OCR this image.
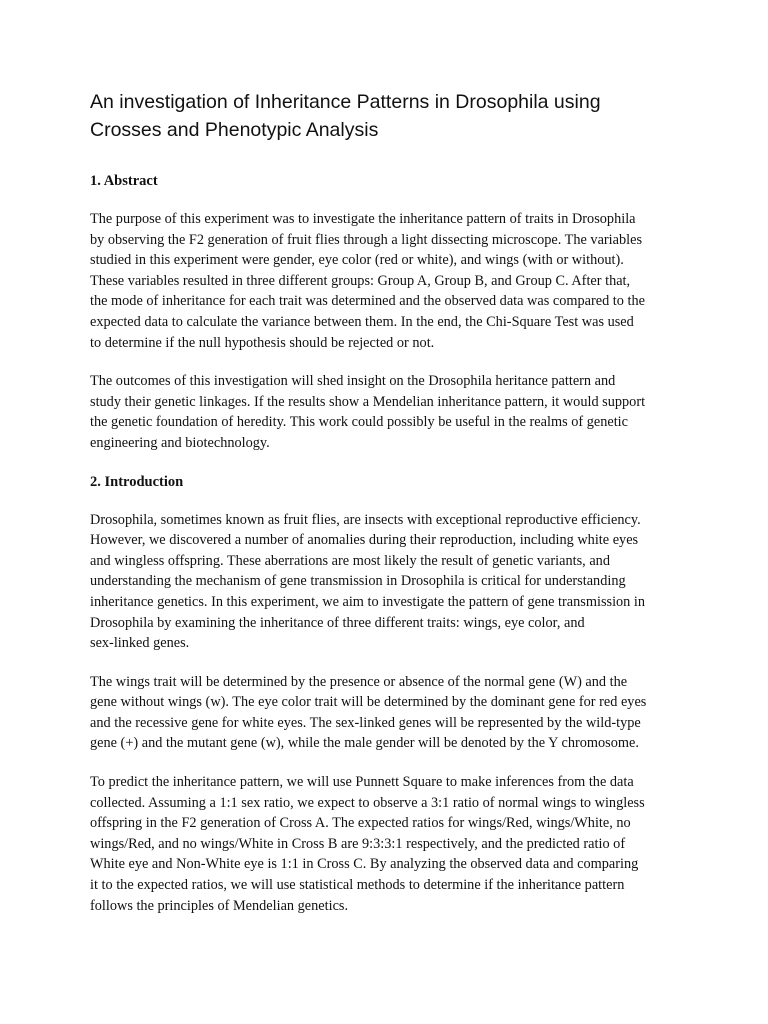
An investigation of Inheritance Patterns in Drosophila using
Crosses and Phenotypic Analysis
1. Abstract

The purpose of this experiment was to investigate the inheritance pattern of traits in Drosophila
by observing the F2 generation of fruit flies through a light dissecting microscope. The variables
studied in this experiment were gender, eye color (red or white), and wings (with or without).
These variables resulted in three different groups: Group A, Group B, and Group C. After that,
the mode of inheritance for each trait was determined and the observed data was compared to the
expected data to calculate the variance between them. In the end, the Chi-Square Test was used
to determine if the null hypothesis should be rejected or not.

The outcomes of this investigation will shed insight on the Drosophila heritance pattern and
study their genetic linkages. If the results show a Mendelian inheritance pattern, it would support
the genetic foundation of heredity. This work could possibly be useful in the realms of genetic
engineering and biotechnology.

2. Introduction

Drosophila, sometimes known as fruit flies, are insects with exceptional reproductive efficiency.
However, we discovered a number of anomalies during their reproduction, including white eyes
and wingless offspring. These aberrations are most likely the result of genetic variants, and
understanding the mechanism of gene transmission in Drosophila is critical for understanding
inheritance genetics. In this experiment, we aim to investigate the pattern of gene transmission in
Drosophila by examining the inheritance of three different traits: wings, eye color, and
sex-linked genes.

The wings trait will be determined by the presence or absence of the normal gene (W) and the
gene without wings (w). The eye color trait will be determined by the dominant gene for red eyes
and the recessive gene for white eyes. The sex-linked genes will be represented by the wild-type
gene (+) and the mutant gene (w), while the male gender will be denoted by the Y chromosome.

To predict the inheritance pattern, we will use Punnett Square to make inferences from the data
collected. Assuming a 1:1 sex ratio, we expect to observe a 3:1 ratio of normal wings to wingless
offspring in the F2 generation of Cross A. The expected ratios for wings/Red, wings/White, no
wings/Red, and no wings/White in Cross B are 9:3:3:1 respectively, and the predicted ratio of
White eye and Non-White eye is 1:1 in Cross C. By analyzing the observed data and comparing
it to the expected ratios, we will use statistical methods to determine if the inheritance pattern
follows the principles of Mendelian genetics.
